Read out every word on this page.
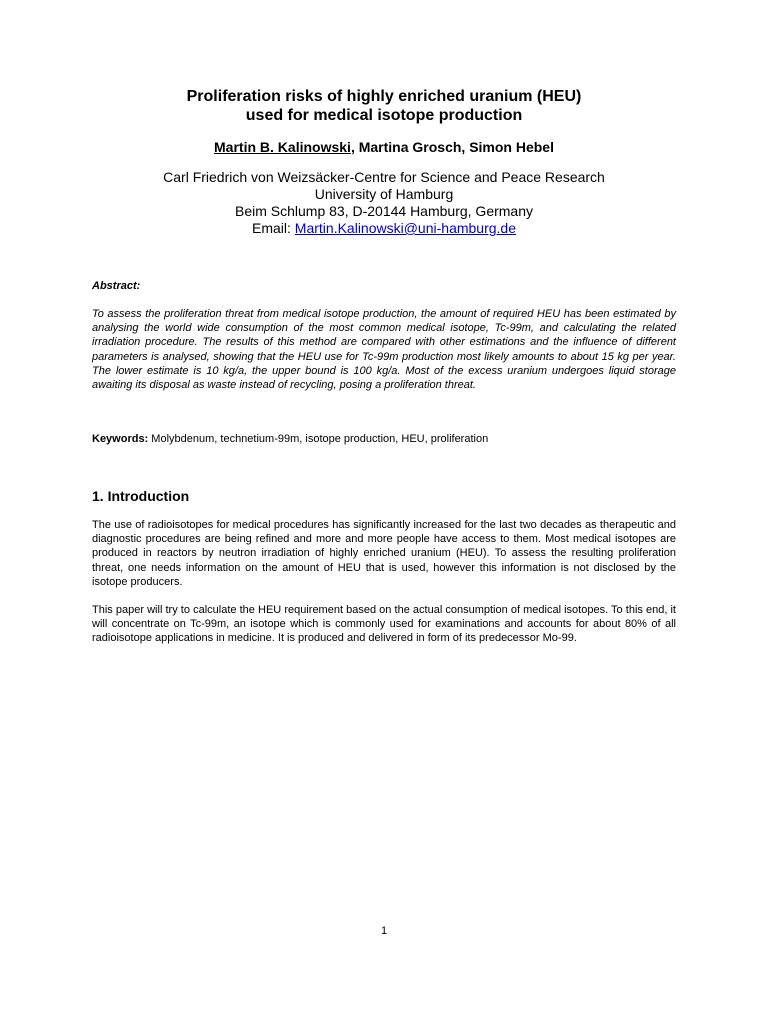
Proliferation risks of highly enriched uranium (HEU)
used for medical isotope production
Martin B. Kalinowski, Martina Grosch, Simon Hebel
Carl Friedrich von Weizsäcker-Centre for Science and Peace Research
University of Hamburg
Beim Schlump 83, D-20144 Hamburg, Germany
Email: Martin.Kalinowski@uni-hamburg.de
Abstract:

To assess the proliferation threat from medical isotope production, the amount of required HEU has been estimated by analysing the world wide consumption of the most common medical isotope, Tc-99m, and calculating the related irradiation procedure. The results of this method are compared with other estimations and the influence of different parameters is analysed, showing that the HEU use for Tc-99m production most likely amounts to about 15 kg per year. The lower estimate is 10 kg/a, the upper bound is 100 kg/a. Most of the excess uranium undergoes liquid storage awaiting its disposal as waste instead of recycling, posing a proliferation threat.

Keywords: Molybdenum, technetium-99m, isotope production, HEU, proliferation

1. Introduction

The use of radioisotopes for medical procedures has significantly increased for the last two decades as therapeutic and diagnostic procedures are being refined and more and more people have access to them. Most medical isotopes are produced in reactors by neutron irradiation of highly enriched uranium (HEU). To assess the resulting proliferation threat, one needs information on the amount of HEU that is used, however this information is not disclosed by the isotope producers.

This paper will try to calculate the HEU requirement based on the actual consumption of medical isotopes. To this end, it will concentrate on Tc-99m, an isotope which is commonly used for examinations and accounts for about 80% of all radioisotope applications in medicine. It is produced and delivered in form of its predecessor Mo-99.

1
